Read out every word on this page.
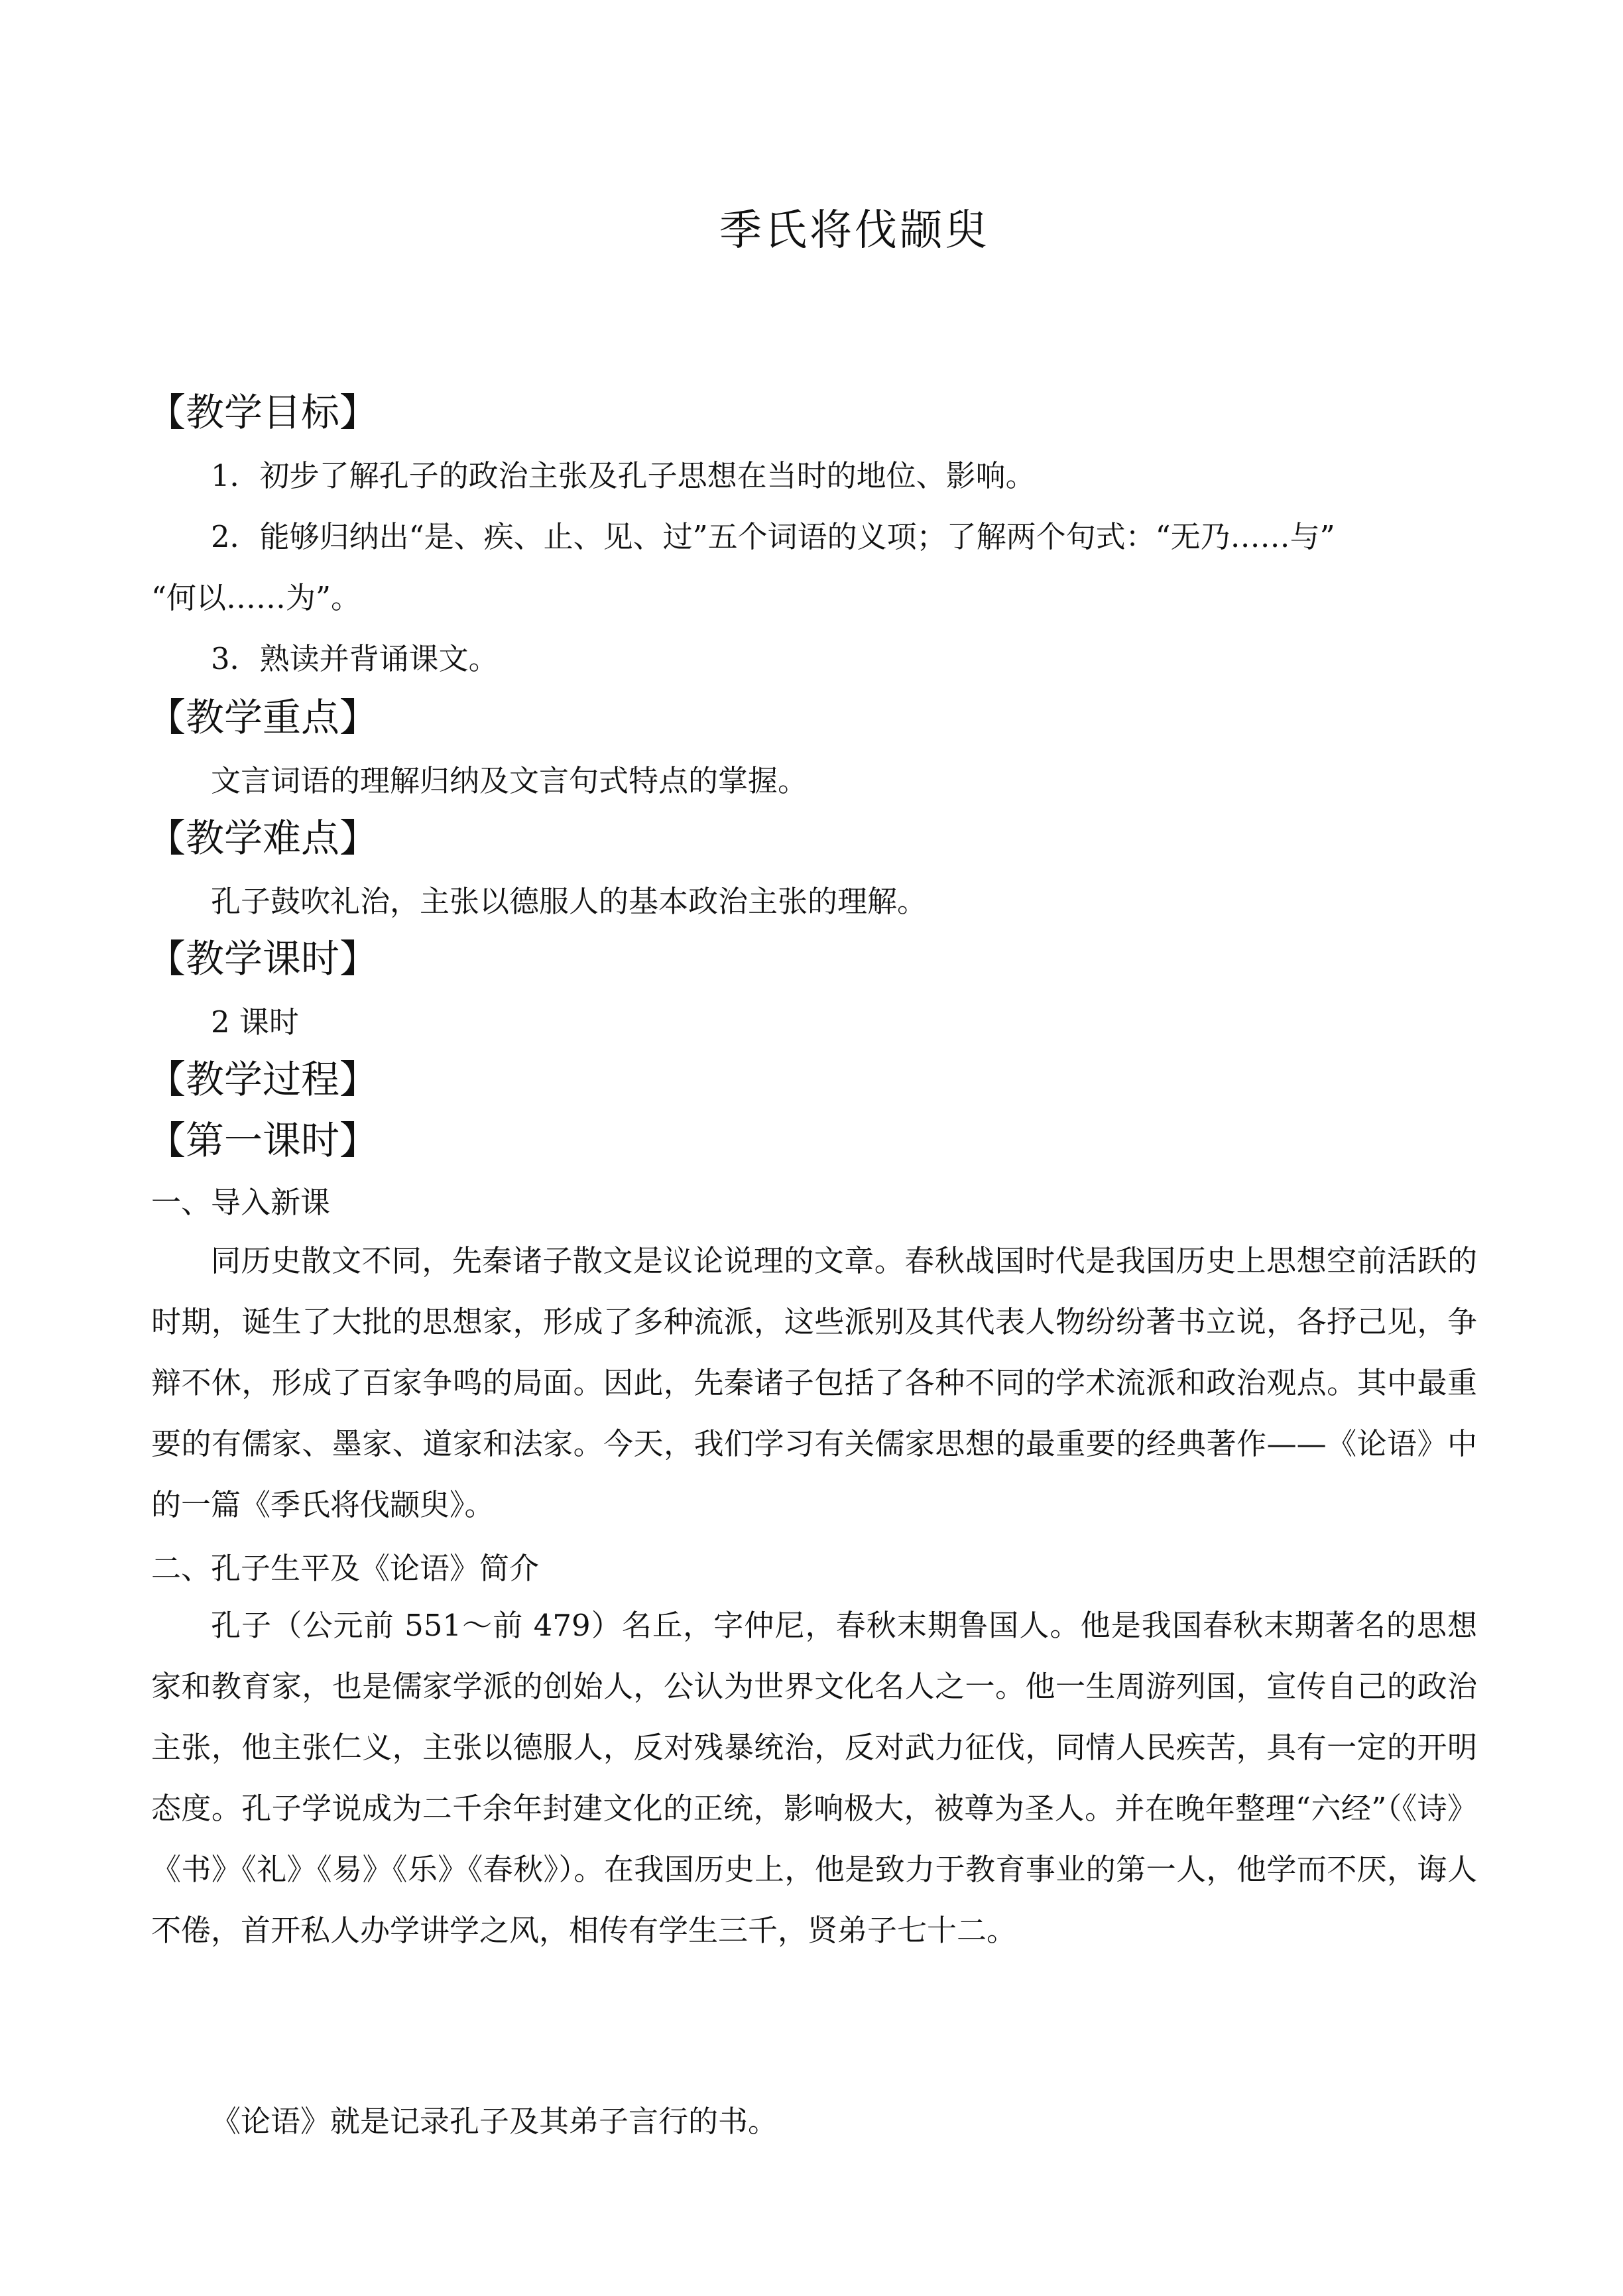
季氏将伐颛臾
【教学目标】
1．初步了解孔子的政治主张及孔子思想在当时的地位、影响。
2．能够归纳出“是、疾、止、见、过”五个词语的义项；了解两个句式：“无乃……与”
“何以……为”。
3．熟读并背诵课文。
【教学重点】
文言词语的理解归纳及文言句式特点的掌握。
【教学难点】
孔子鼓吹礼治，主张以德服人的基本政治主张的理解。
【教学课时】
2 课时
【教学过程】
【第一课时】
一、导入新课
同历史散文不同，先秦诸子散文是议论说理的文章。春秋战国时代是我国历史上思想空前活跃的时期，诞生了大批的思想家，形成了多种流派，这些派别及其代表人物纷纷著书立说，各抒己见，争辩不休，形成了百家争鸣的局面。因此，先秦诸子包括了各种不同的学术流派和政治观点。其中最重要的有儒家、墨家、道家和法家。今天，我们学习有关儒家思想的最重要的经典著作——《论语》中的一篇《季氏将伐颛臾》。
二、孔子生平及《论语》简介
孔子（公元前 551～前 479）名丘，字仲尼，春秋末期鲁国人。他是我国春秋末期著名的思想家和教育家，也是儒家学派的创始人，公认为世界文化名人之一。他一生周游列国，宣传自己的政治主张，他主张仁义，主张以德服人，反对残暴统治，反对武力征伐，同情人民疾苦，具有一定的开明态度。孔子学说成为二千余年封建文化的正统，影响极大，被尊为圣人。并在晚年整理“六经”（《诗》《书》《礼》《易》《乐》《春秋》）。在我国历史上，他是致力于教育事业的第一人，他学而不厌，诲人不倦，首开私人办学讲学之风，相传有学生三千，贤弟子七十二。
《论语》就是记录孔子及其弟子言行的书。
